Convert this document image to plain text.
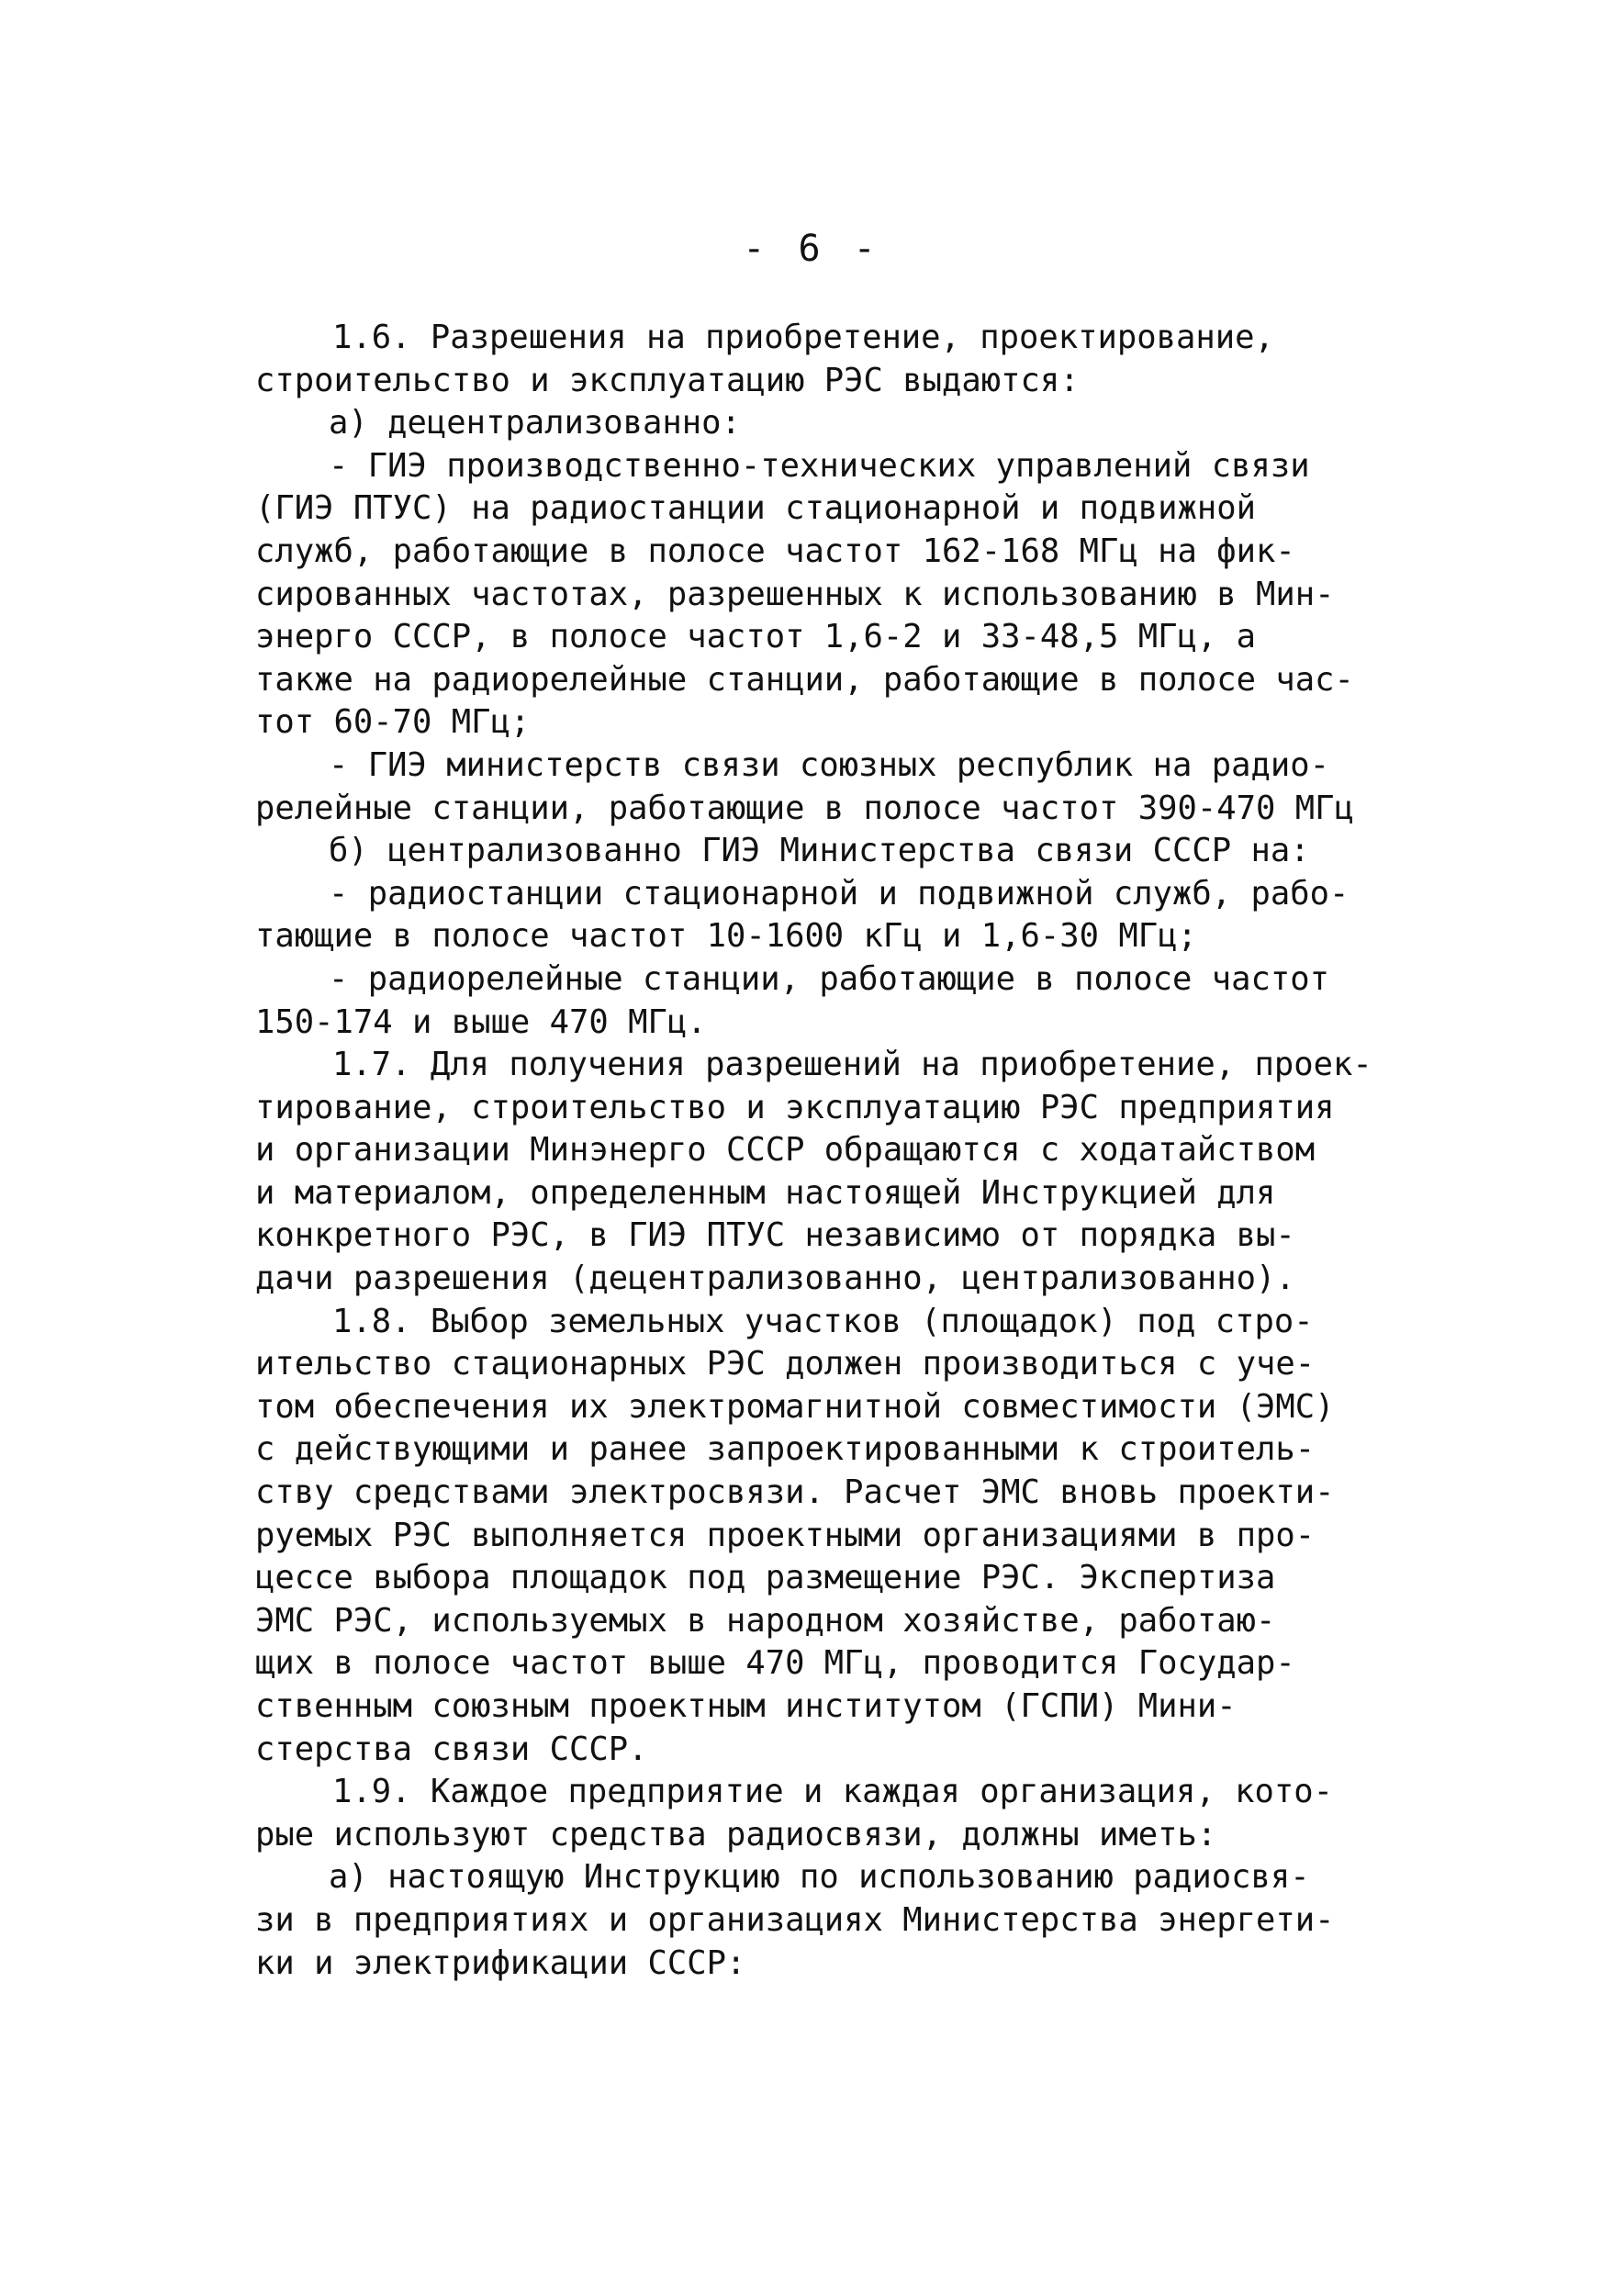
- 6 -
1.6. Разрешения на приобретение, проектирование,
строительство и эксплуатацию РЭС выдаются:
а) децентрализованно:
- ГИЭ производственно-технических управлений связи
(ГИЭ ПТУС) на радиостанции стационарной и подвижной
служб, работающие в полосе частот 162-168 МГц на фик-
сированных частотах, разрешенных к использованию в Мин-
энерго СССР, в полосе частот 1,6-2 и 33-48,5 МГц, а
также на радиорелейные станции, работающие в полосе час-
тот 60-70 МГц;
- ГИЭ министерств связи союзных республик на радио-
релейные станции, работающие в полосе частот 390-470 МГц
б) централизованно ГИЭ Министерства связи СССР на:
- радиостанции стационарной и подвижной служб, рабо-
тающие в полосе частот 10-1600 кГц и 1,6-30 МГц;
- радиорелейные станции, работающие в полосе частот
150-174 и выше 470 МГц.
1.7. Для получения разрешений на приобретение, проек-
тирование, строительство и эксплуатацию РЭС предприятия
и организации Минэнерго СССР обращаются с ходатайством
и материалом, определенным настоящей Инструкцией для
конкретного РЭС, в ГИЭ ПТУС независимо от порядка вы-
дачи разрешения (децентрализованно, централизованно).
1.8. Выбор земельных участков (площадок) под стро-
ительство стационарных РЭС должен производиться с уче-
том обеспечения их электромагнитной совместимости (ЭМС)
с действующими и ранее запроектированными к строитель-
ству средствами электросвязи. Расчет ЭМС вновь проекти-
руемых РЭС выполняется проектными организациями в про-
цессе выбора площадок под размещение РЭС. Экспертиза
ЭМС РЭС, используемых в народном хозяйстве, работаю-
щих в полосе частот выше 470 МГц, проводится Государ-
ственным союзным проектным институтом (ГСПИ) Мини-
стерства связи СССР.
1.9. Каждое предприятие и каждая организация, кото-
рые используют средства радиосвязи, должны иметь:
а) настоящую Инструкцию по использованию радиосвя-
зи в предприятиях и организациях Министерства энергети-
ки и электрификации СССР:
